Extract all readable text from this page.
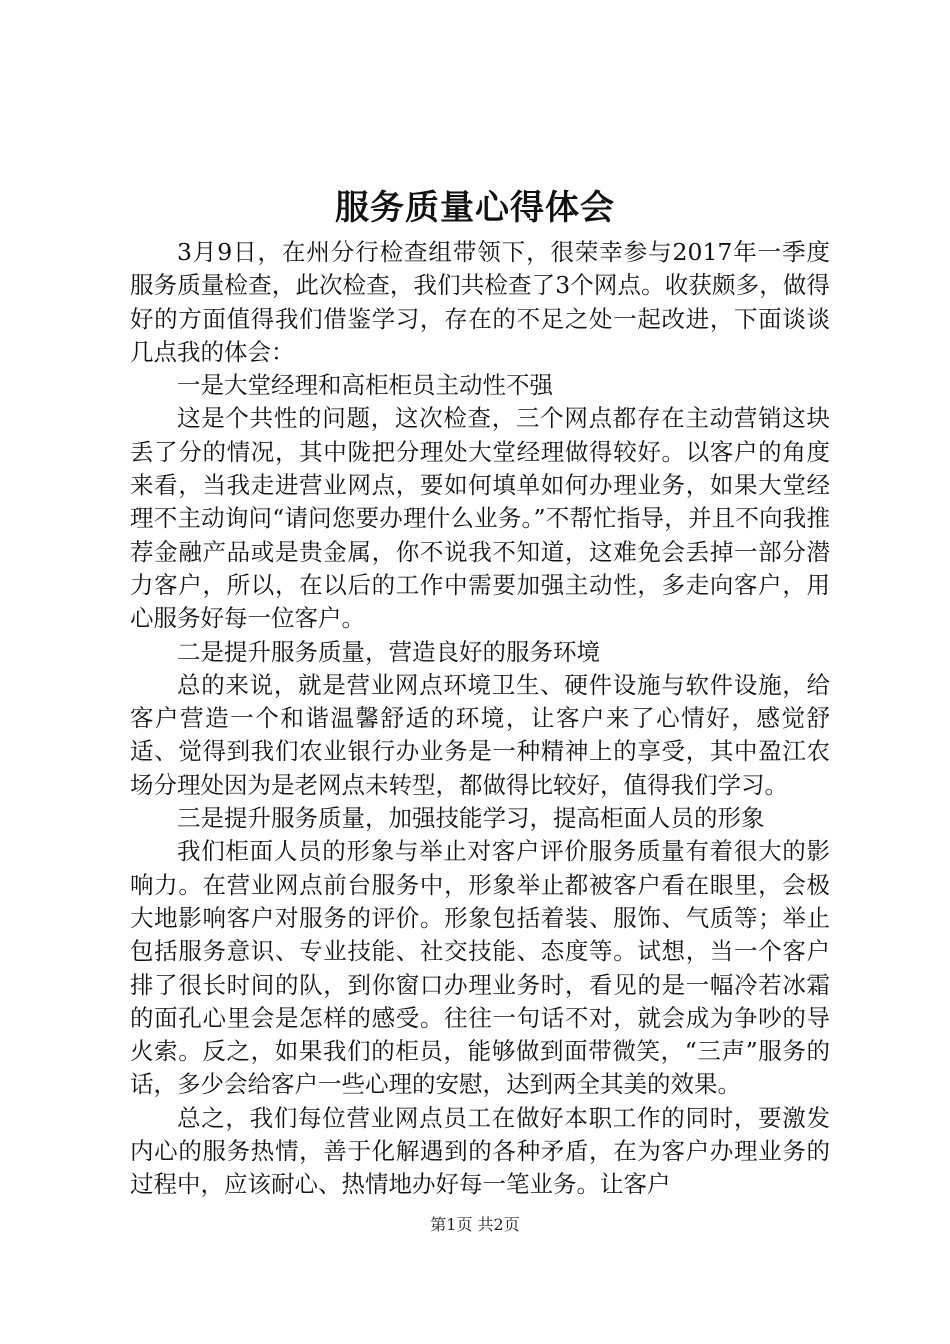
服务质量心得体会

3月9日，在州分行检查组带领下，很荣幸参与2017年一季度服务质量检查，此次检查，我们共检查了3个网点。收获颇多，做得好的方面值得我们借鉴学习，存在的不足之处一起改进，下面谈谈几点我的体会：

一是大堂经理和高柜柜员主动性不强

这是个共性的问题，这次检查，三个网点都存在主动营销这块丢了分的情况，其中陇把分理处大堂经理做得较好。以客户的角度来看，当我走进营业网点，要如何填单如何办理业务，如果大堂经理不主动询问“请问您要办理什么业务。”不帮忙指导，并且不向我推荐金融产品或是贵金属，你不说我不知道，这难免会丢掉一部分潜力客户，所以，在以后的工作中需要加强主动性，多走向客户，用心服务好每一位客户。

二是提升服务质量，营造良好的服务环境

总的来说，就是营业网点环境卫生、硬件设施与软件设施，给客户营造一个和谐温馨舒适的环境，让客户来了心情好，感觉舒适、觉得到我们农业银行办业务是一种精神上的享受，其中盈江农场分理处因为是老网点未转型，都做得比较好，值得我们学习。

三是提升服务质量，加强技能学习，提高柜面人员的形象

我们柜面人员的形象与举止对客户评价服务质量有着很大的影响力。在营业网点前台服务中，形象举止都被客户看在眼里，会极大地影响客户对服务的评价。形象包括着装、服饰、气质等；举止包括服务意识、专业技能、社交技能、态度等。试想，当一个客户排了很长时间的队，到你窗口办理业务时，看见的是一幅冷若冰霜的面孔心里会是怎样的感受。往往一句话不对，就会成为争吵的导火索。反之，如果我们的柜员，能够做到面带微笑，“三声”服务的话，多少会给客户一些心理的安慰，达到两全其美的效果。

总之，我们每位营业网点员工在做好本职工作的同时，要激发内心的服务热情，善于化解遇到的各种矛盾，在为客户办理业务的过程中，应该耐心、热情地办好每一笔业务。让客户

第1页 共2页
